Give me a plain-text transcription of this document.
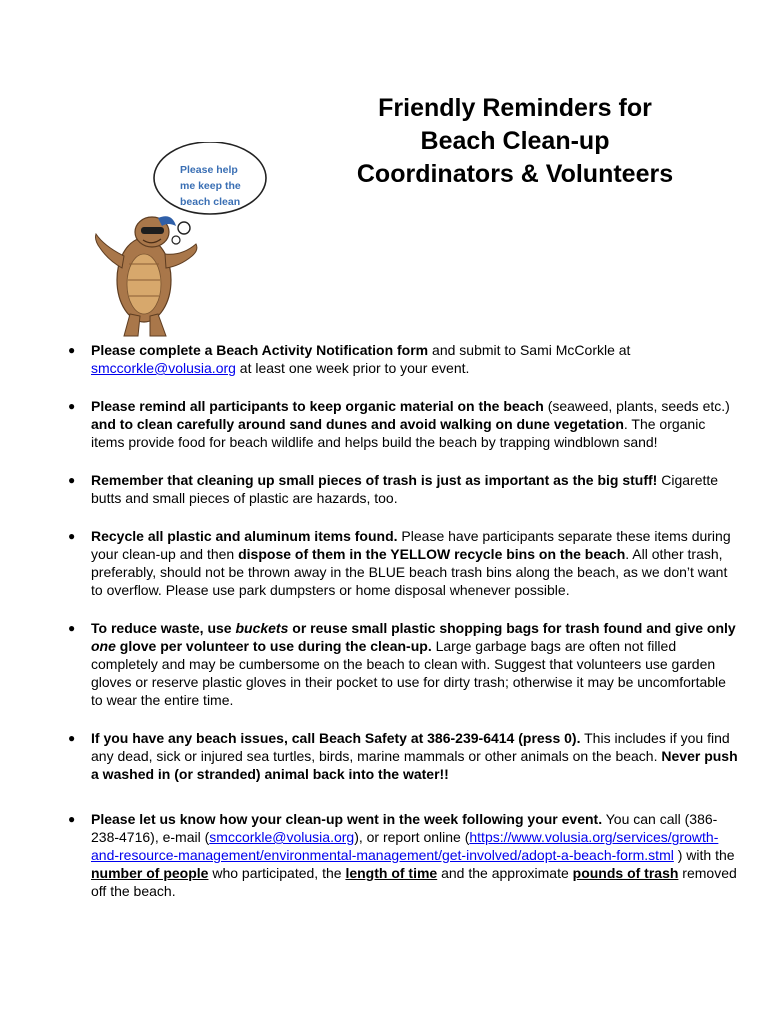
Please help
me keep the
beach clean
Friendly Reminders for
Beach Clean-up
Coordinators & Volunteers
● Please complete a Beach Activity Notification form and submit to Sami McCorkle at smccorkle@volusia.org at least one week prior to your event.
● Please remind all participants to keep organic material on the beach (seaweed, plants, seeds etc.) and to clean carefully around sand dunes and avoid walking on dune vegetation. The organic items provide food for beach wildlife and helps build the beach by trapping windblown sand!
● Remember that cleaning up small pieces of trash is just as important as the big stuff! Cigarette butts and small pieces of plastic are hazards, too.
● Recycle all plastic and aluminum items found. Please have participants separate these items during your clean-up and then dispose of them in the YELLOW recycle bins on the beach. All other trash, preferably, should not be thrown away in the BLUE beach trash bins along the beach, as we don’t want to overflow. Please use park dumpsters or home disposal whenever possible.
● To reduce waste, use buckets or reuse small plastic shopping bags for trash found and give only one glove per volunteer to use during the clean-up. Large garbage bags are often not filled completely and may be cumbersome on the beach to clean with. Suggest that volunteers use garden gloves or reserve plastic gloves in their pocket to use for dirty trash; otherwise it may be uncomfortable to wear the entire time.
● If you have any beach issues, call Beach Safety at 386-239-6414 (press 0). This includes if you find any dead, sick or injured sea turtles, birds, marine mammals or other animals on the beach. Never push a washed in (or stranded) animal back into the water!!
● Please let us know how your clean-up went in the week following your event. You can call (386-238-4716), e-mail (smccorkle@volusia.org), or report online (https://www.volusia.org/services/growth-and-resource-management/environmental-management/get-involved/adopt-a-beach-form.stml ) with the number of people who participated, the length of time and the approximate pounds of trash removed off the beach.
